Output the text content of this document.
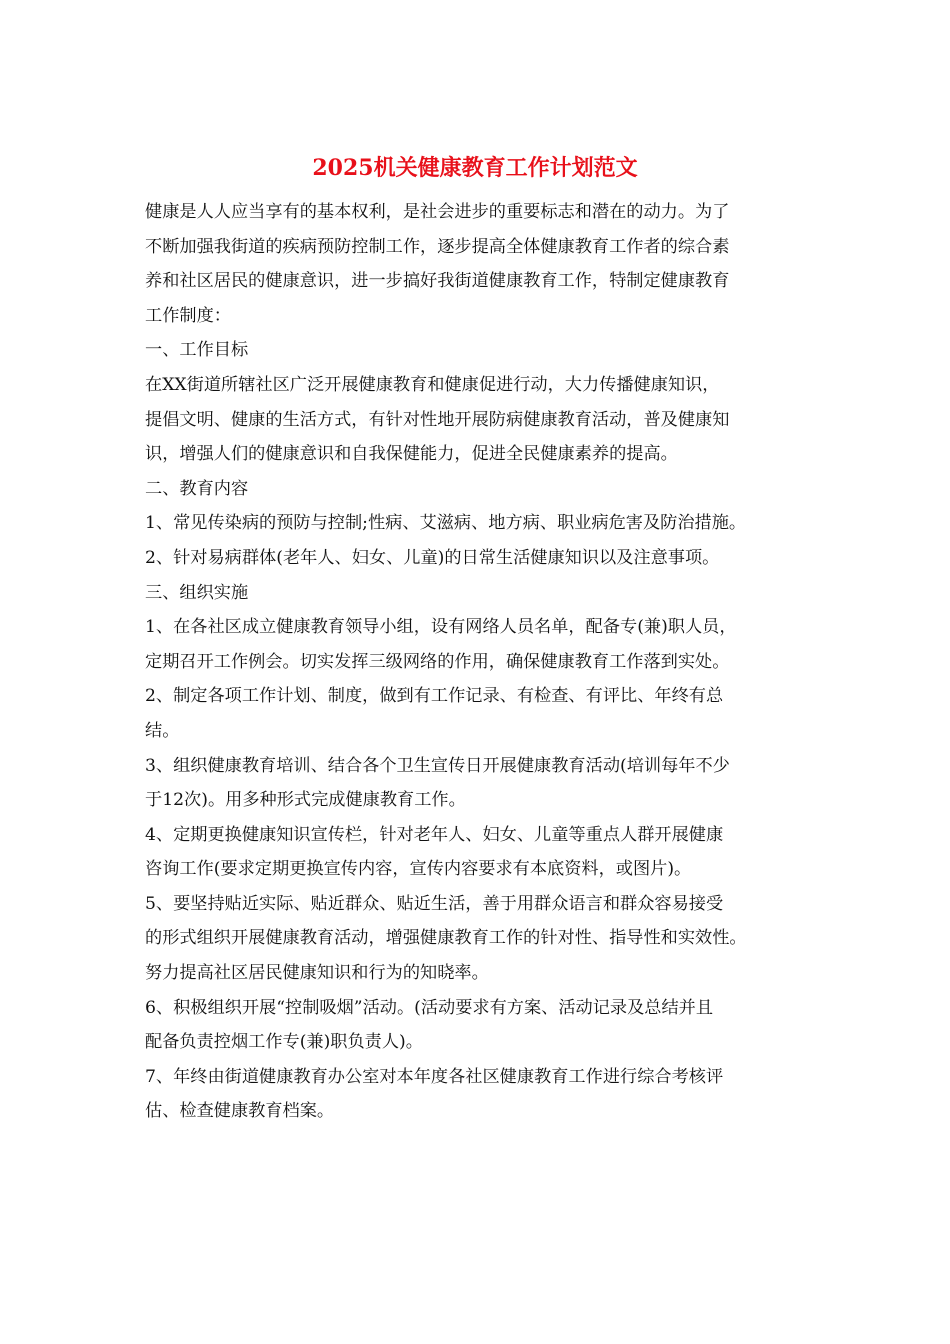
2025机关健康教育工作计划范文

健康是人人应当享有的基本权利，是社会进步的重要标志和潜在的动力。为了

不断加强我街道的疾病预防控制工作，逐步提高全体健康教育工作者的综合素

养和社区居民的健康意识，进一步搞好我街道健康教育工作，特制定健康教育

工作制度：

一、工作目标

在XX街道所辖社区广泛开展健康教育和健康促进行动，大力传播健康知识，

提倡文明、健康的生活方式，有针对性地开展防病健康教育活动，普及健康知

识，增强人们的健康意识和自我保健能力，促进全民健康素养的提高。

二、教育内容

1、常见传染病的预防与控制;性病、艾滋病、地方病、职业病危害及防治措施。

2、针对易病群体(老年人、妇女、儿童)的日常生活健康知识以及注意事项。

三、组织实施

1、在各社区成立健康教育领导小组，设有网络人员名单，配备专(兼)职人员，

定期召开工作例会。切实发挥三级网络的作用，确保健康教育工作落到实处。

2、制定各项工作计划、制度，做到有工作记录、有检查、有评比、年终有总

结。

3、组织健康教育培训、结合各个卫生宣传日开展健康教育活动(培训每年不少

于12次)。用多种形式完成健康教育工作。

4、定期更换健康知识宣传栏，针对老年人、妇女、儿童等重点人群开展健康

咨询工作(要求定期更换宣传内容，宣传内容要求有本底资料，或图片)。

5、要坚持贴近实际、贴近群众、贴近生活，善于用群众语言和群众容易接受

的形式组织开展健康教育活动，增强健康教育工作的针对性、指导性和实效性。

努力提高社区居民健康知识和行为的知晓率。

6、积极组织开展“控制吸烟”活动。(活动要求有方案、活动记录及总结并且

配备负责控烟工作专(兼)职负责人)。

7、年终由街道健康教育办公室对本年度各社区健康教育工作进行综合考核评

估、检查健康教育档案。
